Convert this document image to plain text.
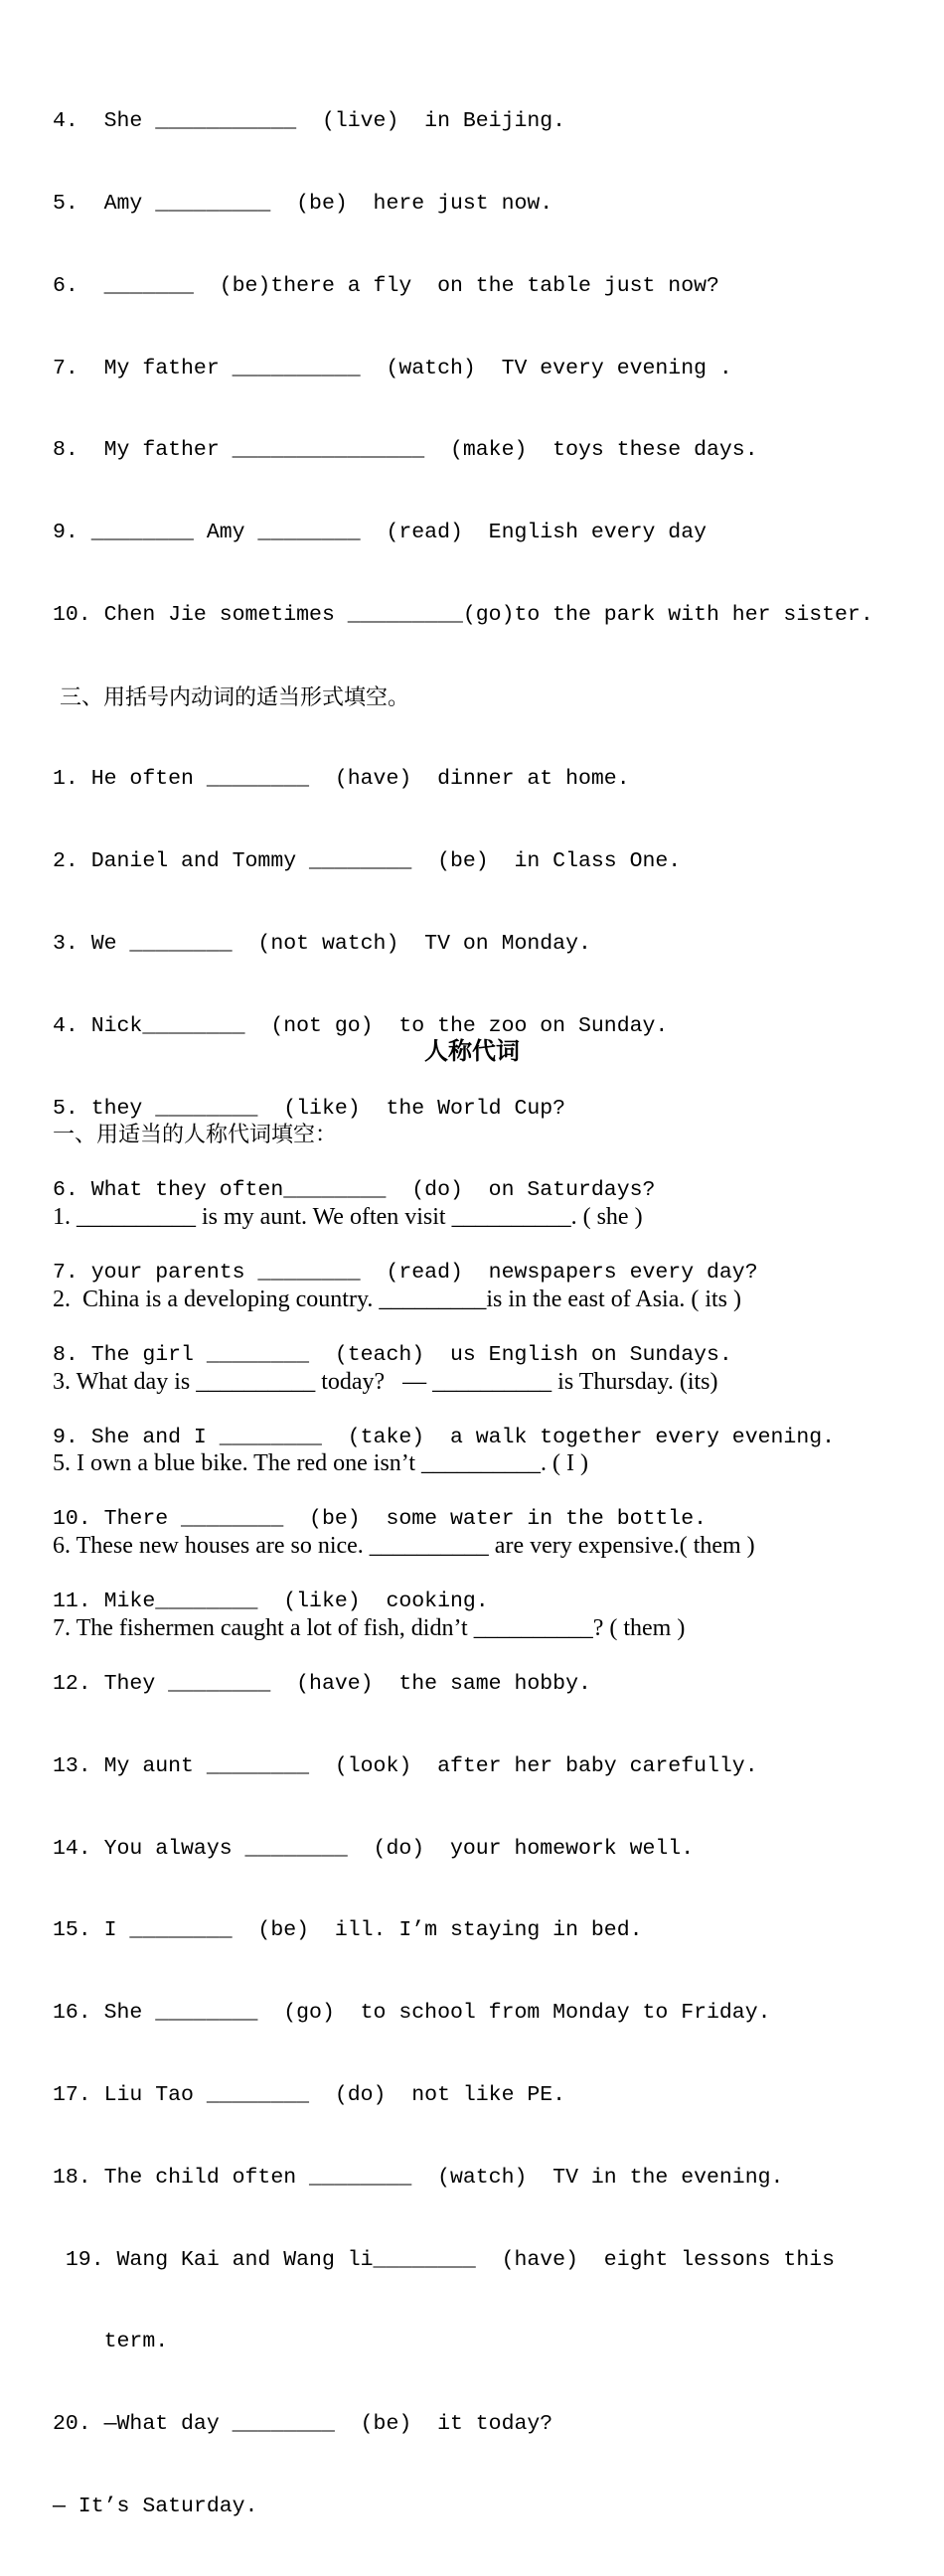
4.  She ___________  (live)  in Beijing.

5.  Amy _________  (be)  here just now.

6.  _______  (be)there a fly  on the table just now?

7.  My father __________  (watch)  TV every evening .

8.  My father _______________  (make)  toys these days.

9. ________ Amy ________  (read)  English every day

10. Chen Jie sometimes _________(go)to the park with her sister.

三、用括号内动词的适当形式填空。

1. He often ________  (have)  dinner at home.

2. Daniel and Tommy ________  (be)  in Class One.

3. We ________  (not watch)  TV on Monday.

4. Nick________  (not go)  to the zoo on Sunday.

5. they ________  (like)  the World Cup?

6. What they often________  (do)  on Saturdays?

7. your parents ________  (read)  newspapers every day?

8. The girl ________  (teach)  us English on Sundays.

9. She and I ________  (take)  a walk together every evening.

10. There ________  (be)  some water in the bottle.

11. Mike________  (like)  cooking.

12. They ________  (have)  the same hobby.

13. My aunt ________  (look)  after her baby carefully.

14. You always ________  (do)  your homework well.

15. I ________  (be)  ill. I’m staying in bed.

16. She ________  (go)  to school from Monday to Friday.

17. Liu Tao ________  (do)  not like PE.

18. The child often ________  (watch)  TV in the evening.

19. Wang Kai and Wang li________  (have)  eight lessons this

term.

20. —What day ________  (be)  it today?

— It’s Saturday.

人称代词

一、用适当的人称代词填空：

1. __________ is my aunt. We often visit __________. ( she )

2.  China is a developing country. _________is in the east of Asia. ( its )

3. What day is __________ today?   — __________ is Thursday. (its)

5. I own a blue bike. The red one isn’t __________. ( I )

6. These new houses are so nice. __________ are very expensive.( them )

7. The fishermen caught a lot of fish, didn’t __________? ( them )
